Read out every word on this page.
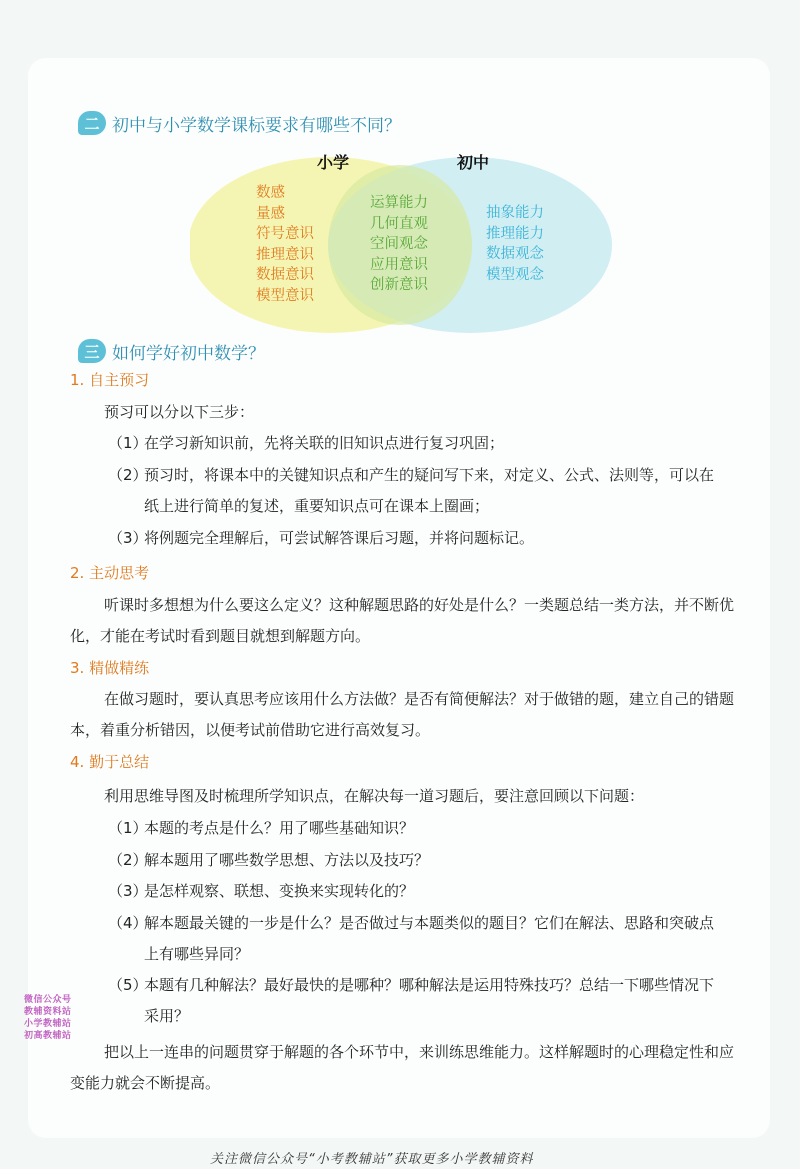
二 初中与小学数学课标要求有哪些不同？
小学	初中
数感
量感
符号意识
推理意识
数据意识
模型意识
运算能力
几何直观
空间观念
应用意识
创新意识
抽象能力
推理能力
数据观念
模型观念
三 如何学好初中数学？
1. 自主预习
预习可以分以下三步：
（1）在学习新知识前，先将关联的旧知识点进行复习巩固；
（2）
预习时，将课本中的关键知识点和产生的疑问写下来，对定义、公式、法则等，可以在纸上进行简单的复述，重要知识点可在课本上圈画；
（3）将例题完全理解后，可尝试解答课后习题，并将问题标记。
2. 主动思考
听课时多想想为什么要这么定义？这种解题思路的好处是什么？一类题总结一类方法，并不断优化，才能在考试时看到题目就想到解题方向。
3. 精做精练
在做习题时，要认真思考应该用什么方法做？是否有简便解法？对于做错的题，建立自己的错题本，着重分析错因，以便考试前借助它进行高效复习。
4. 勤于总结
利用思维导图及时梳理所学知识点，在解决每一道习题后，要注意回顾以下问题：
（1）本题的考点是什么？用了哪些基础知识？
（2）解本题用了哪些数学思想、方法以及技巧？
（3）是怎样观察、联想、变换来实现转化的？
（4）
解本题最关键的一步是什么？是否做过与本题类似的题目？它们在解法、思路和突破点上有哪些异同？
（5）
本题有几种解法？最好最快的是哪种？哪种解法是运用特殊技巧？总结一下哪些情况下采用？
把以上一连串的问题贯穿于解题的各个环节中，来训练思维能力。这样解题时的心理稳定性和应变能力就会不断提高。
微信公众号
教辅资料站
小学教辅站
初高教辅站
关注微信公众号“小考教辅站”获取更多小学教辅资料
